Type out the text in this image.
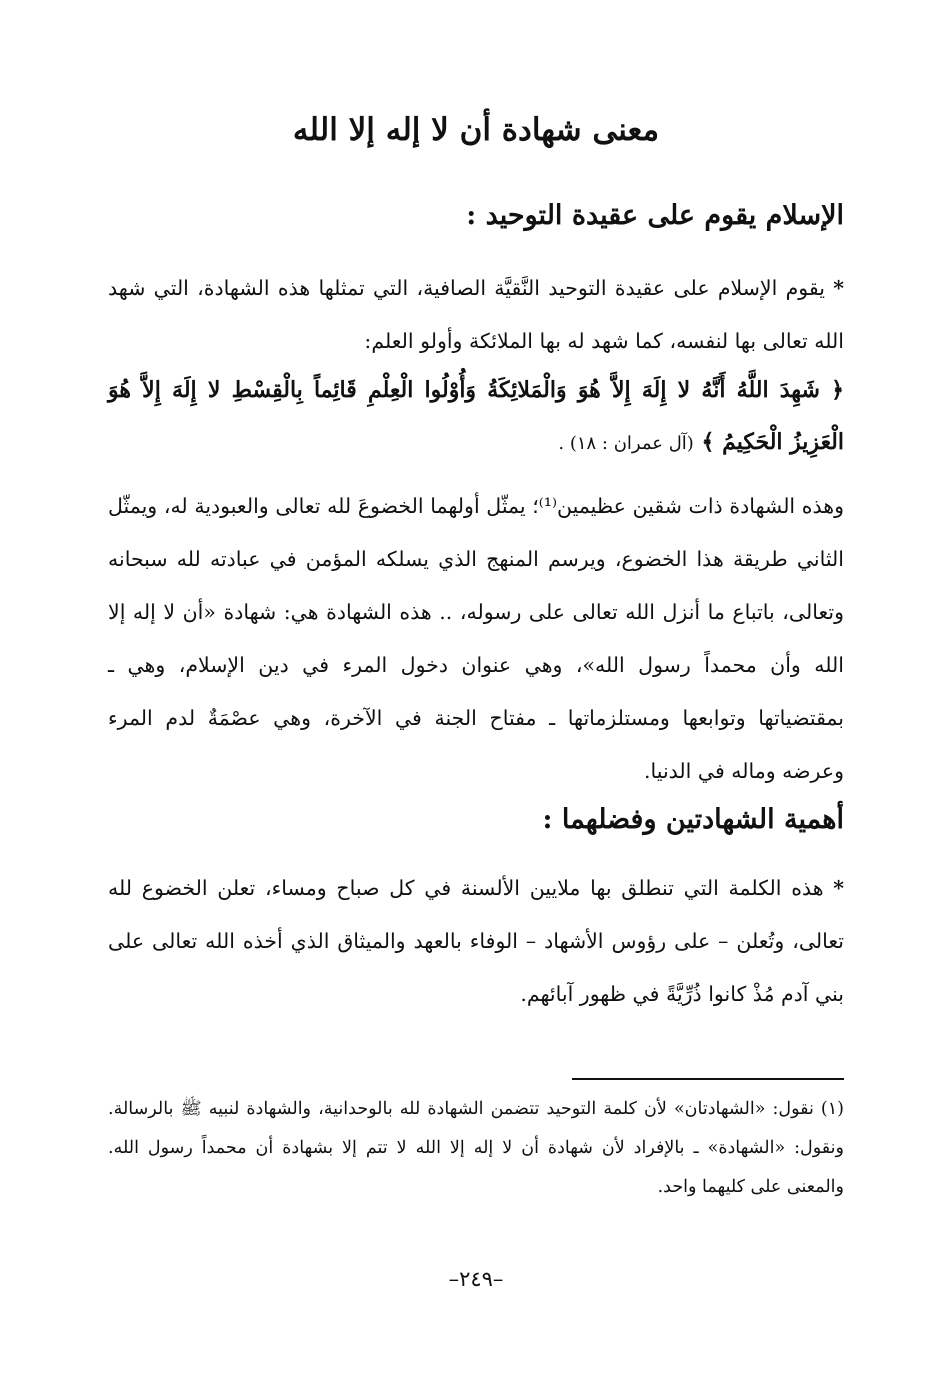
معنى شهادة أن لا إله إلا الله
الإسلام يقوم على عقيدة التوحيد :

* يقوم الإسلام على عقيدة التوحيد النَّقيَّة الصافية، التي تمثلها هذه الشهادة، التي شهد الله تعالى بها لنفسه، كما شهد له بها الملائكة وأولو العلم:

﴿ شَهِدَ اللَّهُ أَنَّهُ لا إِلَهَ إِلاَّ هُوَ وَالْمَلائِكَةُ وَأُوْلُوا الْعِلْمِ قَائِماً بِالْقِسْطِ لا إِلَهَ إِلاَّ هُوَ الْعَزِيزُ الْحَكِيمُ ﴾ (آل عمران : ١٨) .

وهذه الشهادة ذات شقين عظيمين⁽¹⁾؛ يمثّل أولهما الخضوعَ لله تعالى والعبودية له، ويمثّل الثاني طريقة هذا الخضوع، ويرسم المنهج الذي يسلكه المؤمن في عبادته لله سبحانه وتعالى، باتباع ما أنزل الله تعالى على رسوله، .. هذه الشهادة هي: شهادة «أن لا إله إلا الله وأن محمداً رسول الله»، وهي عنوان دخول المرء في دين الإسلام، وهي ـ بمقتضياتها وتوابعها ومستلزماتها ـ مفتاح الجنة في الآخرة، وهي عصْمَةٌ لدم المرء وعرضه وماله في الدنيا.

أهمية الشهادتين وفضلهما :

* هذه الكلمة التي تنطلق بها ملايين الألسنة في كل صباح ومساء، تعلن الخضوع لله تعالى، وتُعلن – على رؤوس الأشهاد – الوفاء بالعهد والميثاق الذي أخذه الله تعالى على بني آدم مُذْ كانوا ذُرِّيَّةً في ظهور آبائهم.

(١) نقول: «الشهادتان» لأن كلمة التوحيد تتضمن الشهادة لله بالوحدانية، والشهادة لنبيه ﷺ بالرسالة. ونقول: «الشهادة» ـ بالإفراد لأن شهادة أن لا إله إلا الله لا تتم إلا بشهادة أن محمداً رسول الله. والمعنى على كليهما واحد.

–٢٤٩–
